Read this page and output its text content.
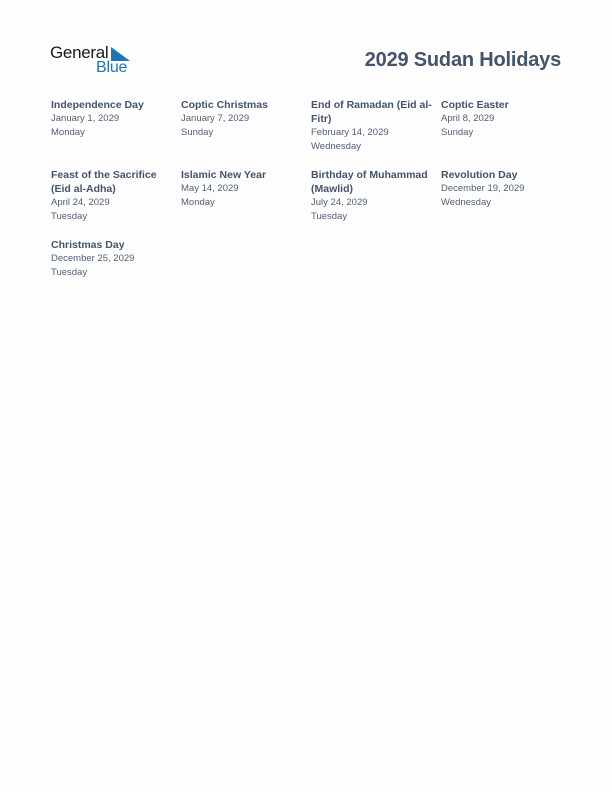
General
Blue	2029 Sudan Holidays
Independence Day
January 1, 2029
Monday
Coptic Christmas
January 7, 2029
Sunday
End of Ramadan (Eid al-Fitr)
February 14, 2029
Wednesday
Coptic Easter
April 8, 2029
Sunday
Feast of the Sacrifice (Eid al-Adha)
April 24, 2029
Tuesday
Islamic New Year
May 14, 2029
Monday
Birthday of Muhammad (Mawlid)
July 24, 2029
Tuesday
Revolution Day
December 19, 2029
Wednesday
Christmas Day
December 25, 2029
Tuesday
